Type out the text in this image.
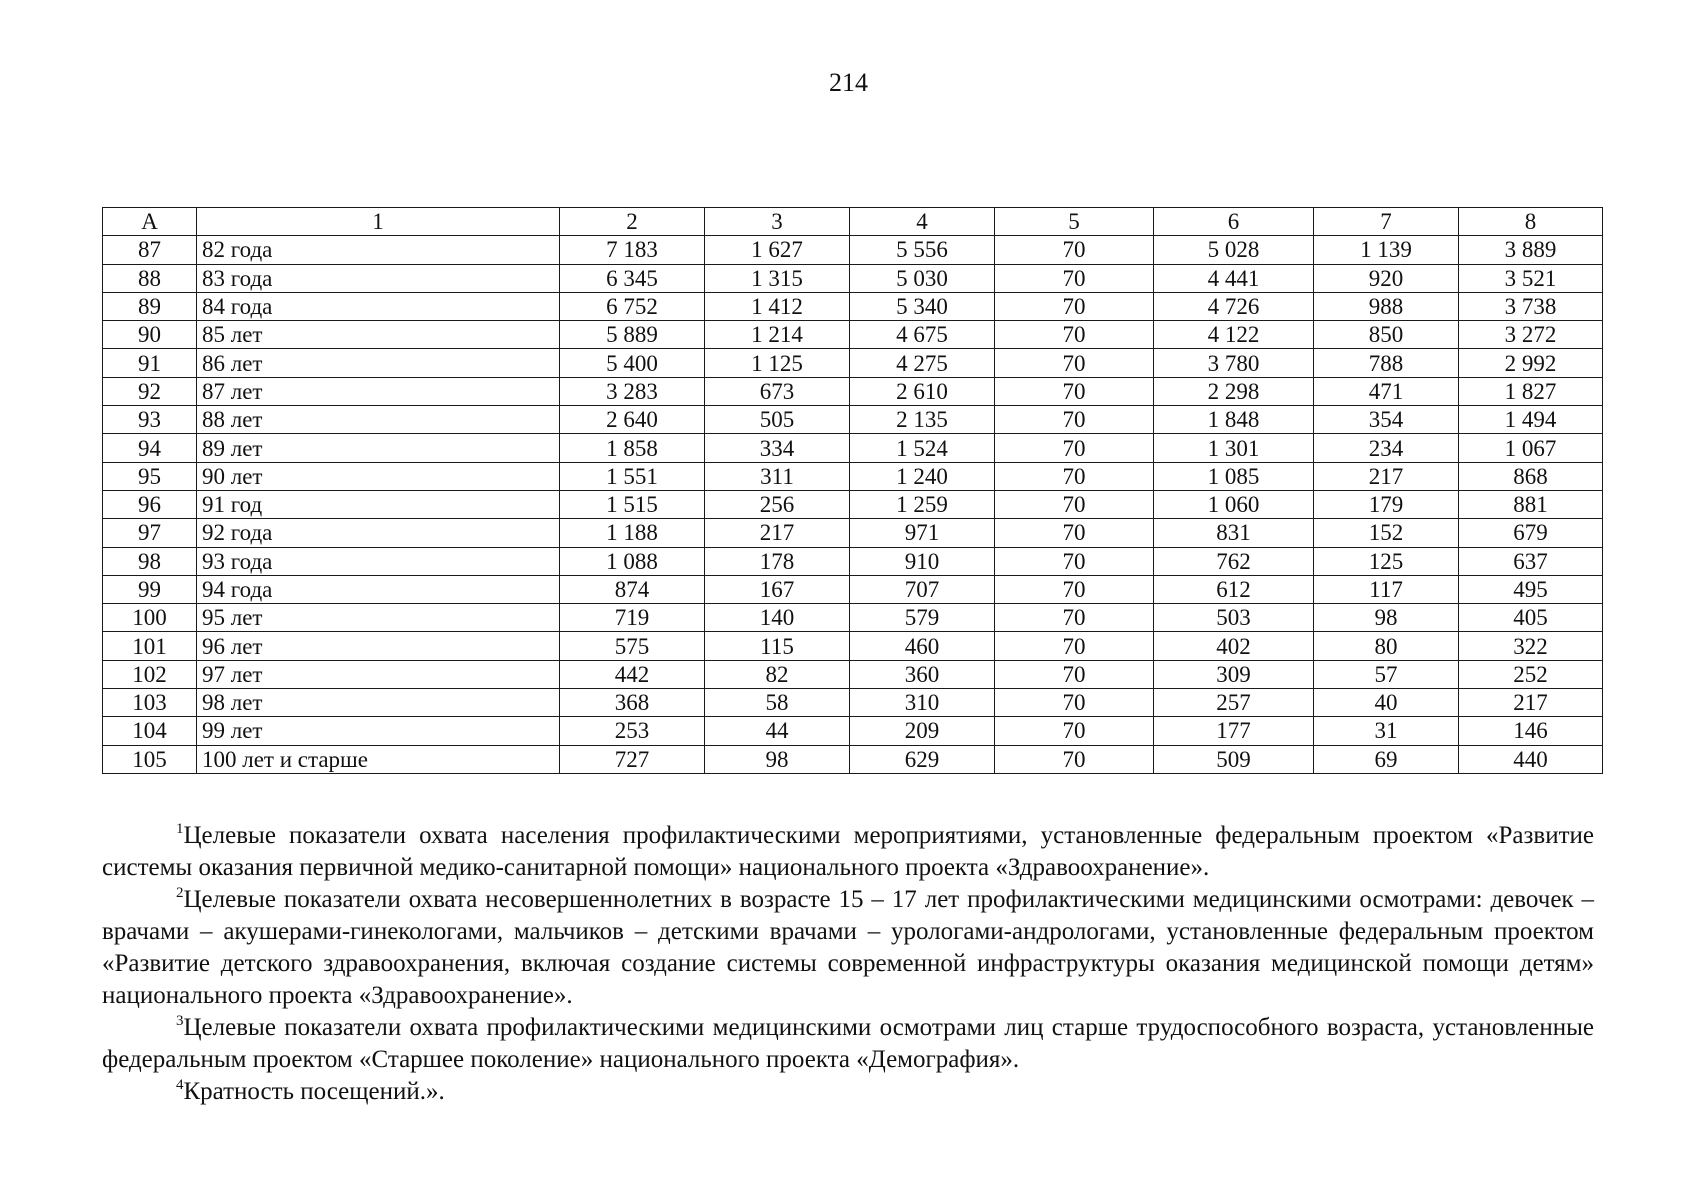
214
А	1	2	3	4	5	6	7	8
87	82 года	7 183	1 627	5 556	70	5 028	1 139	3 889
88	83 года	6 345	1 315	5 030	70	4 441	920	3 521
89	84 года	6 752	1 412	5 340	70	4 726	988	3 738
90	85 лет	5 889	1 214	4 675	70	4 122	850	3 272
91	86 лет	5 400	1 125	4 275	70	3 780	788	2 992
92	87 лет	3 283	673	2 610	70	2 298	471	1 827
93	88 лет	2 640	505	2 135	70	1 848	354	1 494
94	89 лет	1 858	334	1 524	70	1 301	234	1 067
95	90 лет	1 551	311	1 240	70	1 085	217	868
96	91 год	1 515	256	1 259	70	1 060	179	881
97	92 года	1 188	217	971	70	831	152	679
98	93 года	1 088	178	910	70	762	125	637
99	94 года	874	167	707	70	612	117	495
100	95 лет	719	140	579	70	503	98	405
101	96 лет	575	115	460	70	402	80	322
102	97 лет	442	82	360	70	309	57	252
103	98 лет	368	58	310	70	257	40	217
104	99 лет	253	44	209	70	177	31	146
105	100 лет и старше	727	98	629	70	509	69	440

$^1$Целевые показатели охвата населения профилактическими мероприятиями, установленные федеральным проектом «Развитие системы оказания первичной медико-санитарной помощи» национального проекта «Здравоохранение».

$^2$Целевые показатели охвата несовершеннолетних в возрасте 15 – 17 лет профилактическими медицинскими осмотрами: девочек – врачами – акушерами-гинекологами, мальчиков – детскими врачами – урологами-андрологами, установленные федеральным проектом «Развитие детского здравоохранения, включая создание системы современной инфраструктуры оказания медицинской помощи детям» национального проекта «Здравоохранение».

$^3$Целевые показатели охвата профилактическими медицинскими осмотрами лиц старше трудоспособного возраста, установленные федеральным проектом «Старшее поколение» национального проекта «Демография».

$^4$Кратность посещений.».
